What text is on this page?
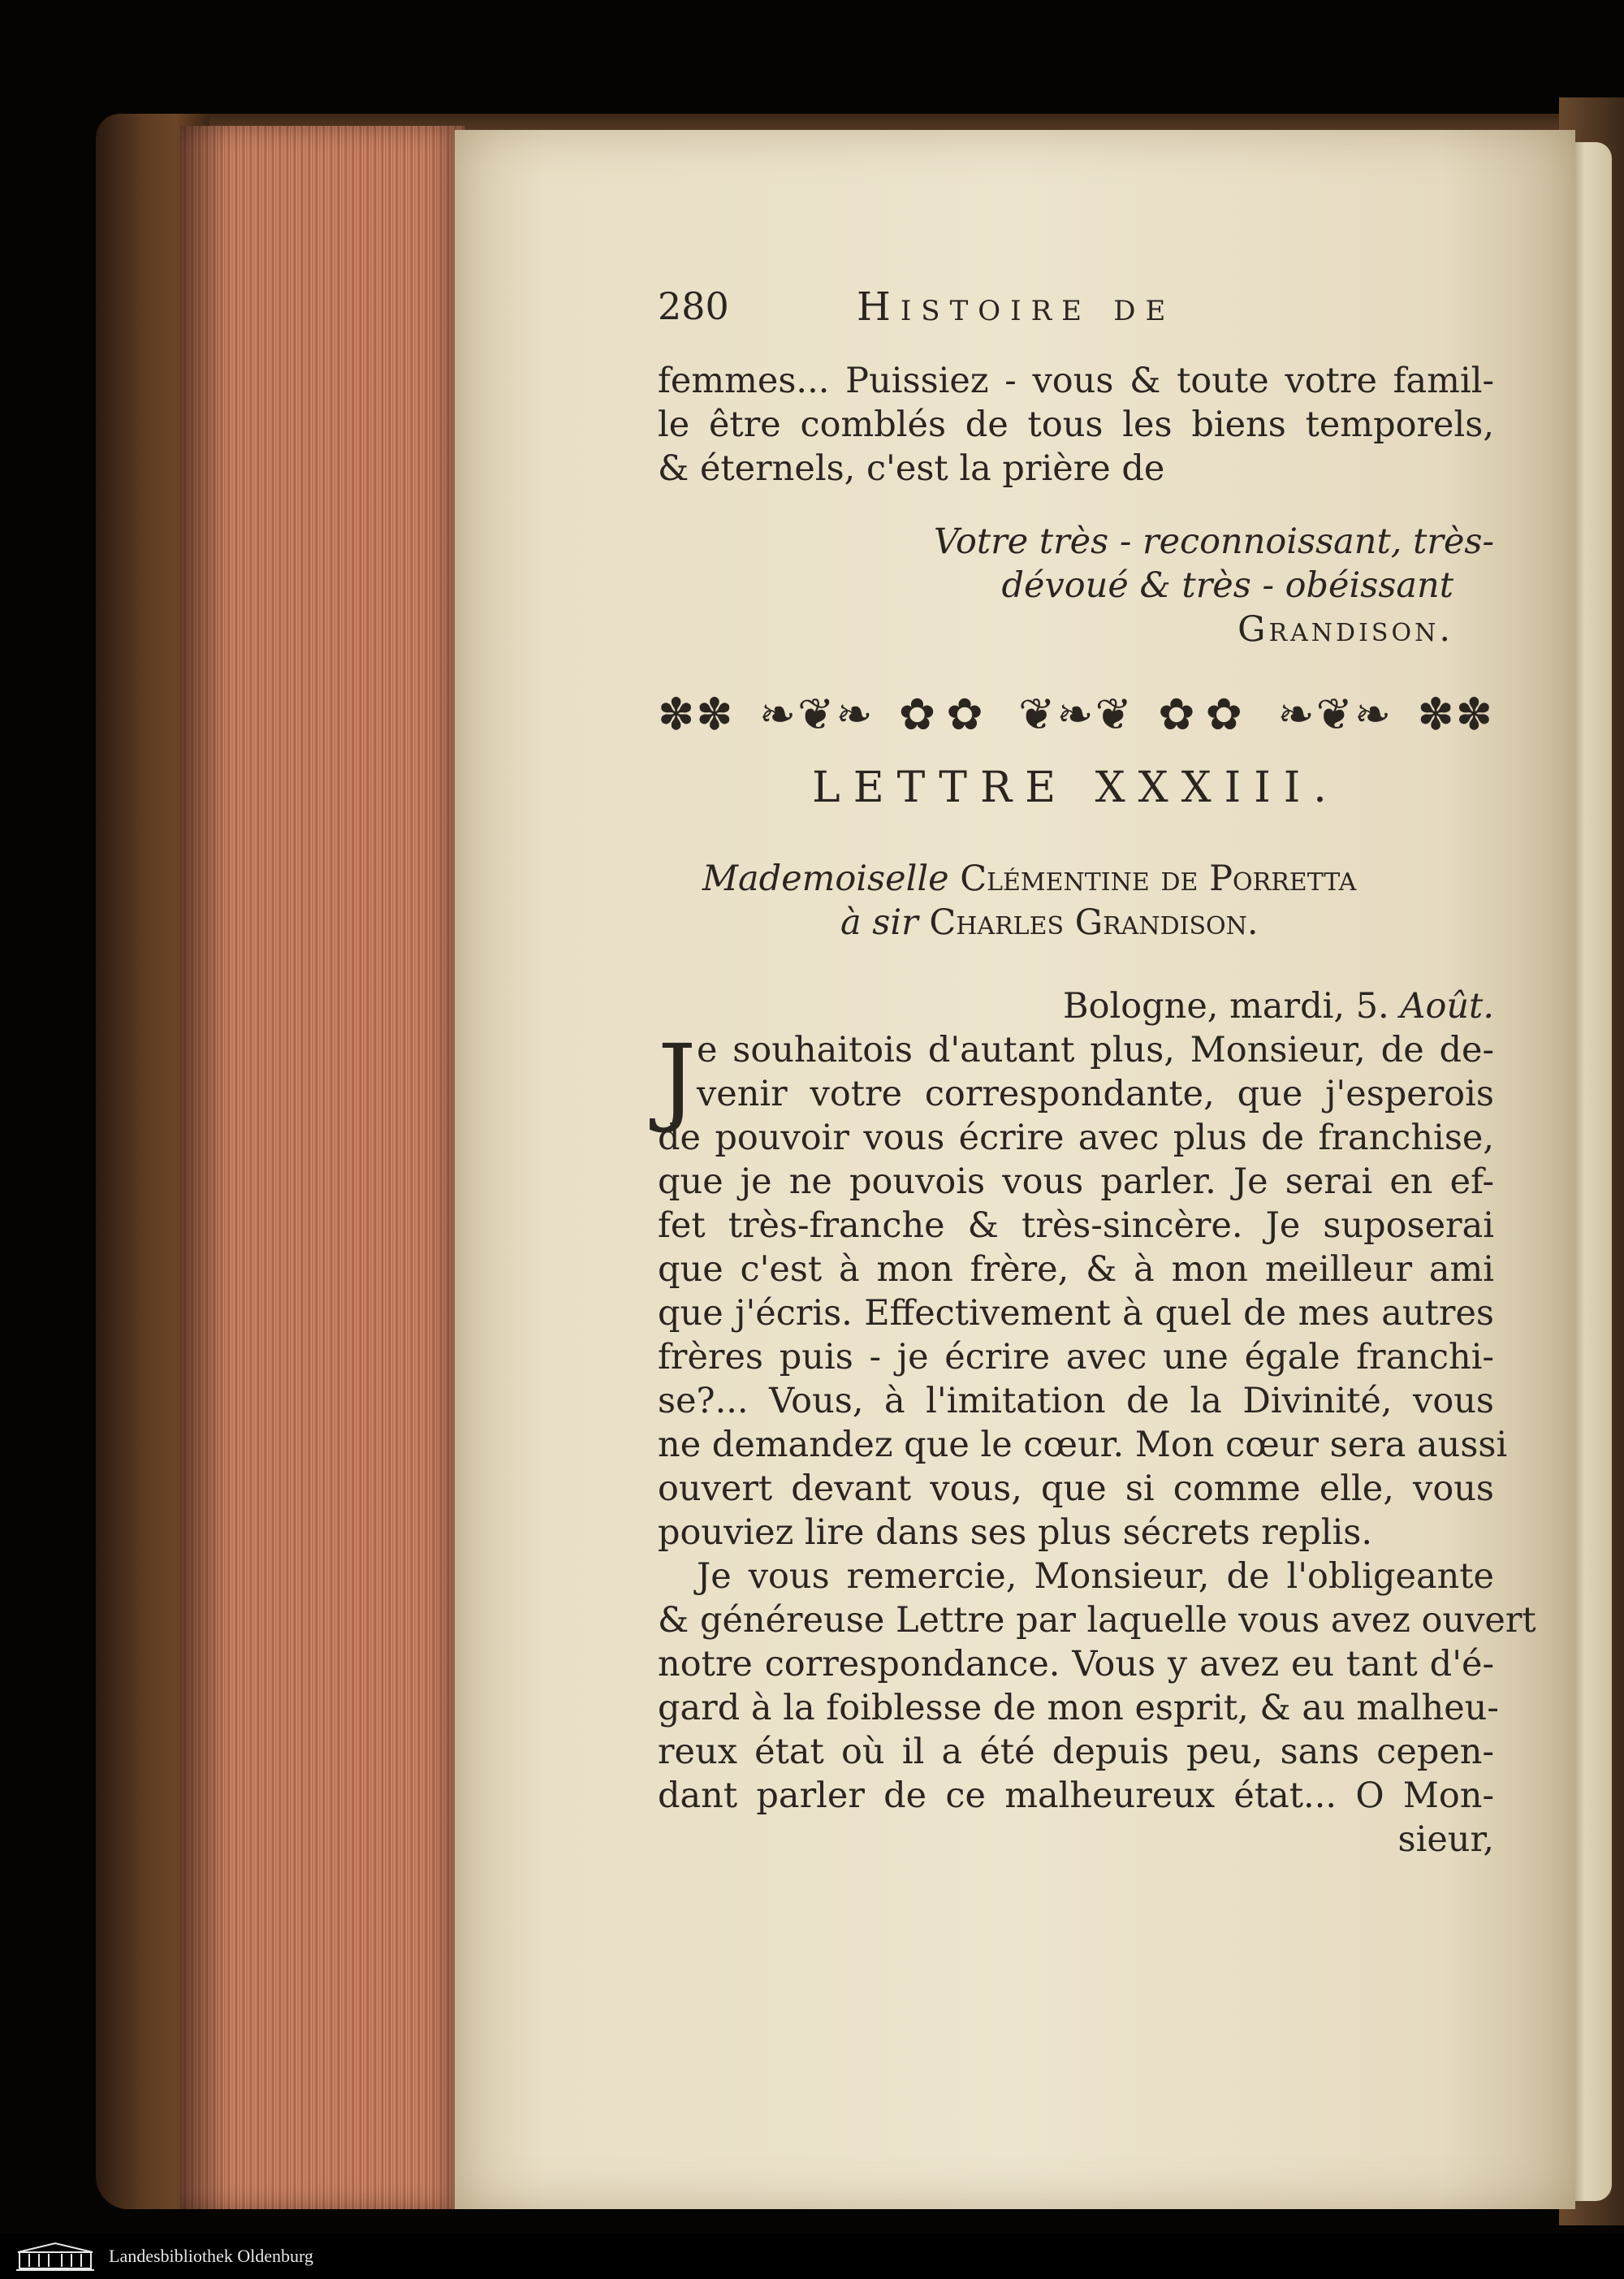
280	Histoire de
femmes... Puissiez - vous & toute votre famil-
le être comblés de tous les biens temporels,
& éternels, c'est la prière de
Votre très - reconnoissant, très-
dévoué & très - obéissant
Grandison.
✽✽ ❧❦❧ ✿✿ ❦❧❦ ✿✿ ❧❦❧ ✽✽
LETTRE XXXIII.
Mademoiselle Clémentine de Porretta
à sir Charles Grandison.
Bologne, mardi, 5. Août.
J e souhaitois d'autant plus, Monsieur, de de-
venir votre correspondante, que j'esperois
de pouvoir vous écrire avec plus de franchise,
que je ne pouvois vous parler. Je serai en ef-
fet très-franche & très-sincère. Je suposerai
que c'est à mon frère, & à mon meilleur ami
que j'écris. Effectivement à quel de mes autres
frères puis - je écrire avec une égale franchi-
se?... Vous, à l'imitation de la Divinité, vous
ne demandez que le cœur. Mon cœur sera aussi
ouvert devant vous, que si comme elle, vous
pouviez lire dans ses plus sécrets replis.
Je vous remercie, Monsieur, de l'obligeante
& généreuse Lettre par laquelle vous avez ouvert
notre correspondance. Vous y avez eu tant d'é-
gard à la foiblesse de mon esprit, & au malheu-
reux état où il a été depuis peu, sans cepen-
dant parler de ce malheureux état... O Mon-
sieur,
Landesbibliothek Oldenburg
